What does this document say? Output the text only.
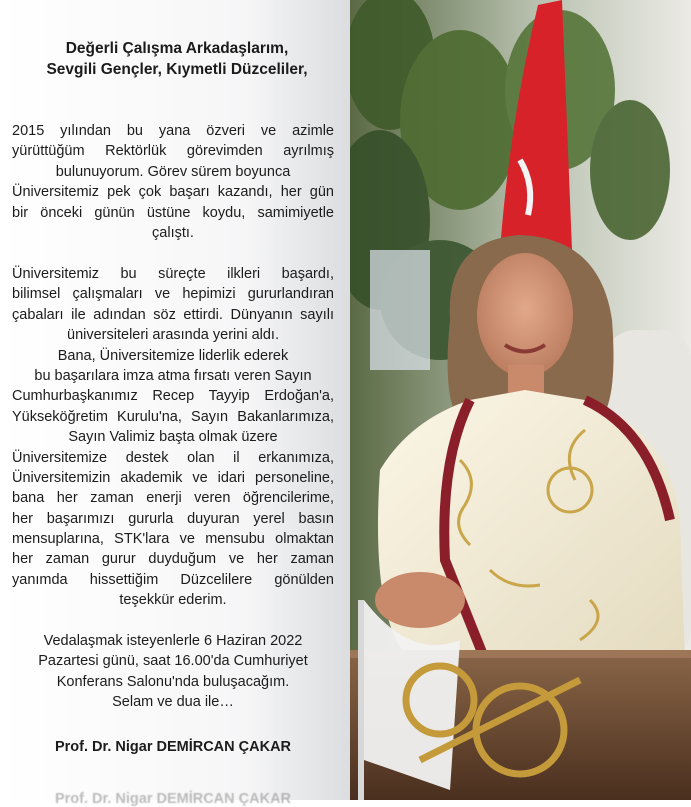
Değerli Çalışma Arkadaşlarım,
Sevgili Gençler, Kıymetli Düzceliler,
2015 yılından bu yana özveri ve azimle
yürüttüğüm Rektörlük görevimden ayrılmış
bulunuyorum. Görev sürem boyunca
Üniversitemiz pek çok başarı kazandı, her gün
bir önceki günün üstüne koydu, samimiyetle
çalıştı.
Üniversitemiz bu süreçte ilkleri başardı,
bilimsel çalışmaları ve hepimizi gururlandıran
çabaları ile adından söz ettirdi. Dünyanın sayılı
üniversiteleri arasında yerini aldı.
Bana, Üniversitemize liderlik ederek
bu başarılara imza atma fırsatı veren Sayın
Cumhurbaşkanımız Recep Tayyip Erdoğan'a,
Yükseköğretim Kurulu'na, Sayın Bakanlarımıza,
Sayın Valimiz başta olmak üzere
Üniversitemize destek olan il erkanımıza,
Üniversitemizin akademik ve idari personeline,
bana her zaman enerji veren öğrencilerime,
her başarımızı gururla duyuran yerel basın
mensuplarına, STK'lara ve mensubu olmaktan
her zaman gurur duyduğum ve her zaman
yanımda hissettiğim Düzcelilere gönülden
teşekkür ederim.
Vedalaşmak isteyenlerle 6 Haziran 2022
Pazartesi günü, saat 16.00'da Cumhuriyet
Konferans Salonu'nda buluşacağım.
Selam ve dua ile…
Prof. Dr. Nigar DEMİRCAN ÇAKAR
Prof. Dr. Nigar DEMİRCAN ÇAKAR
